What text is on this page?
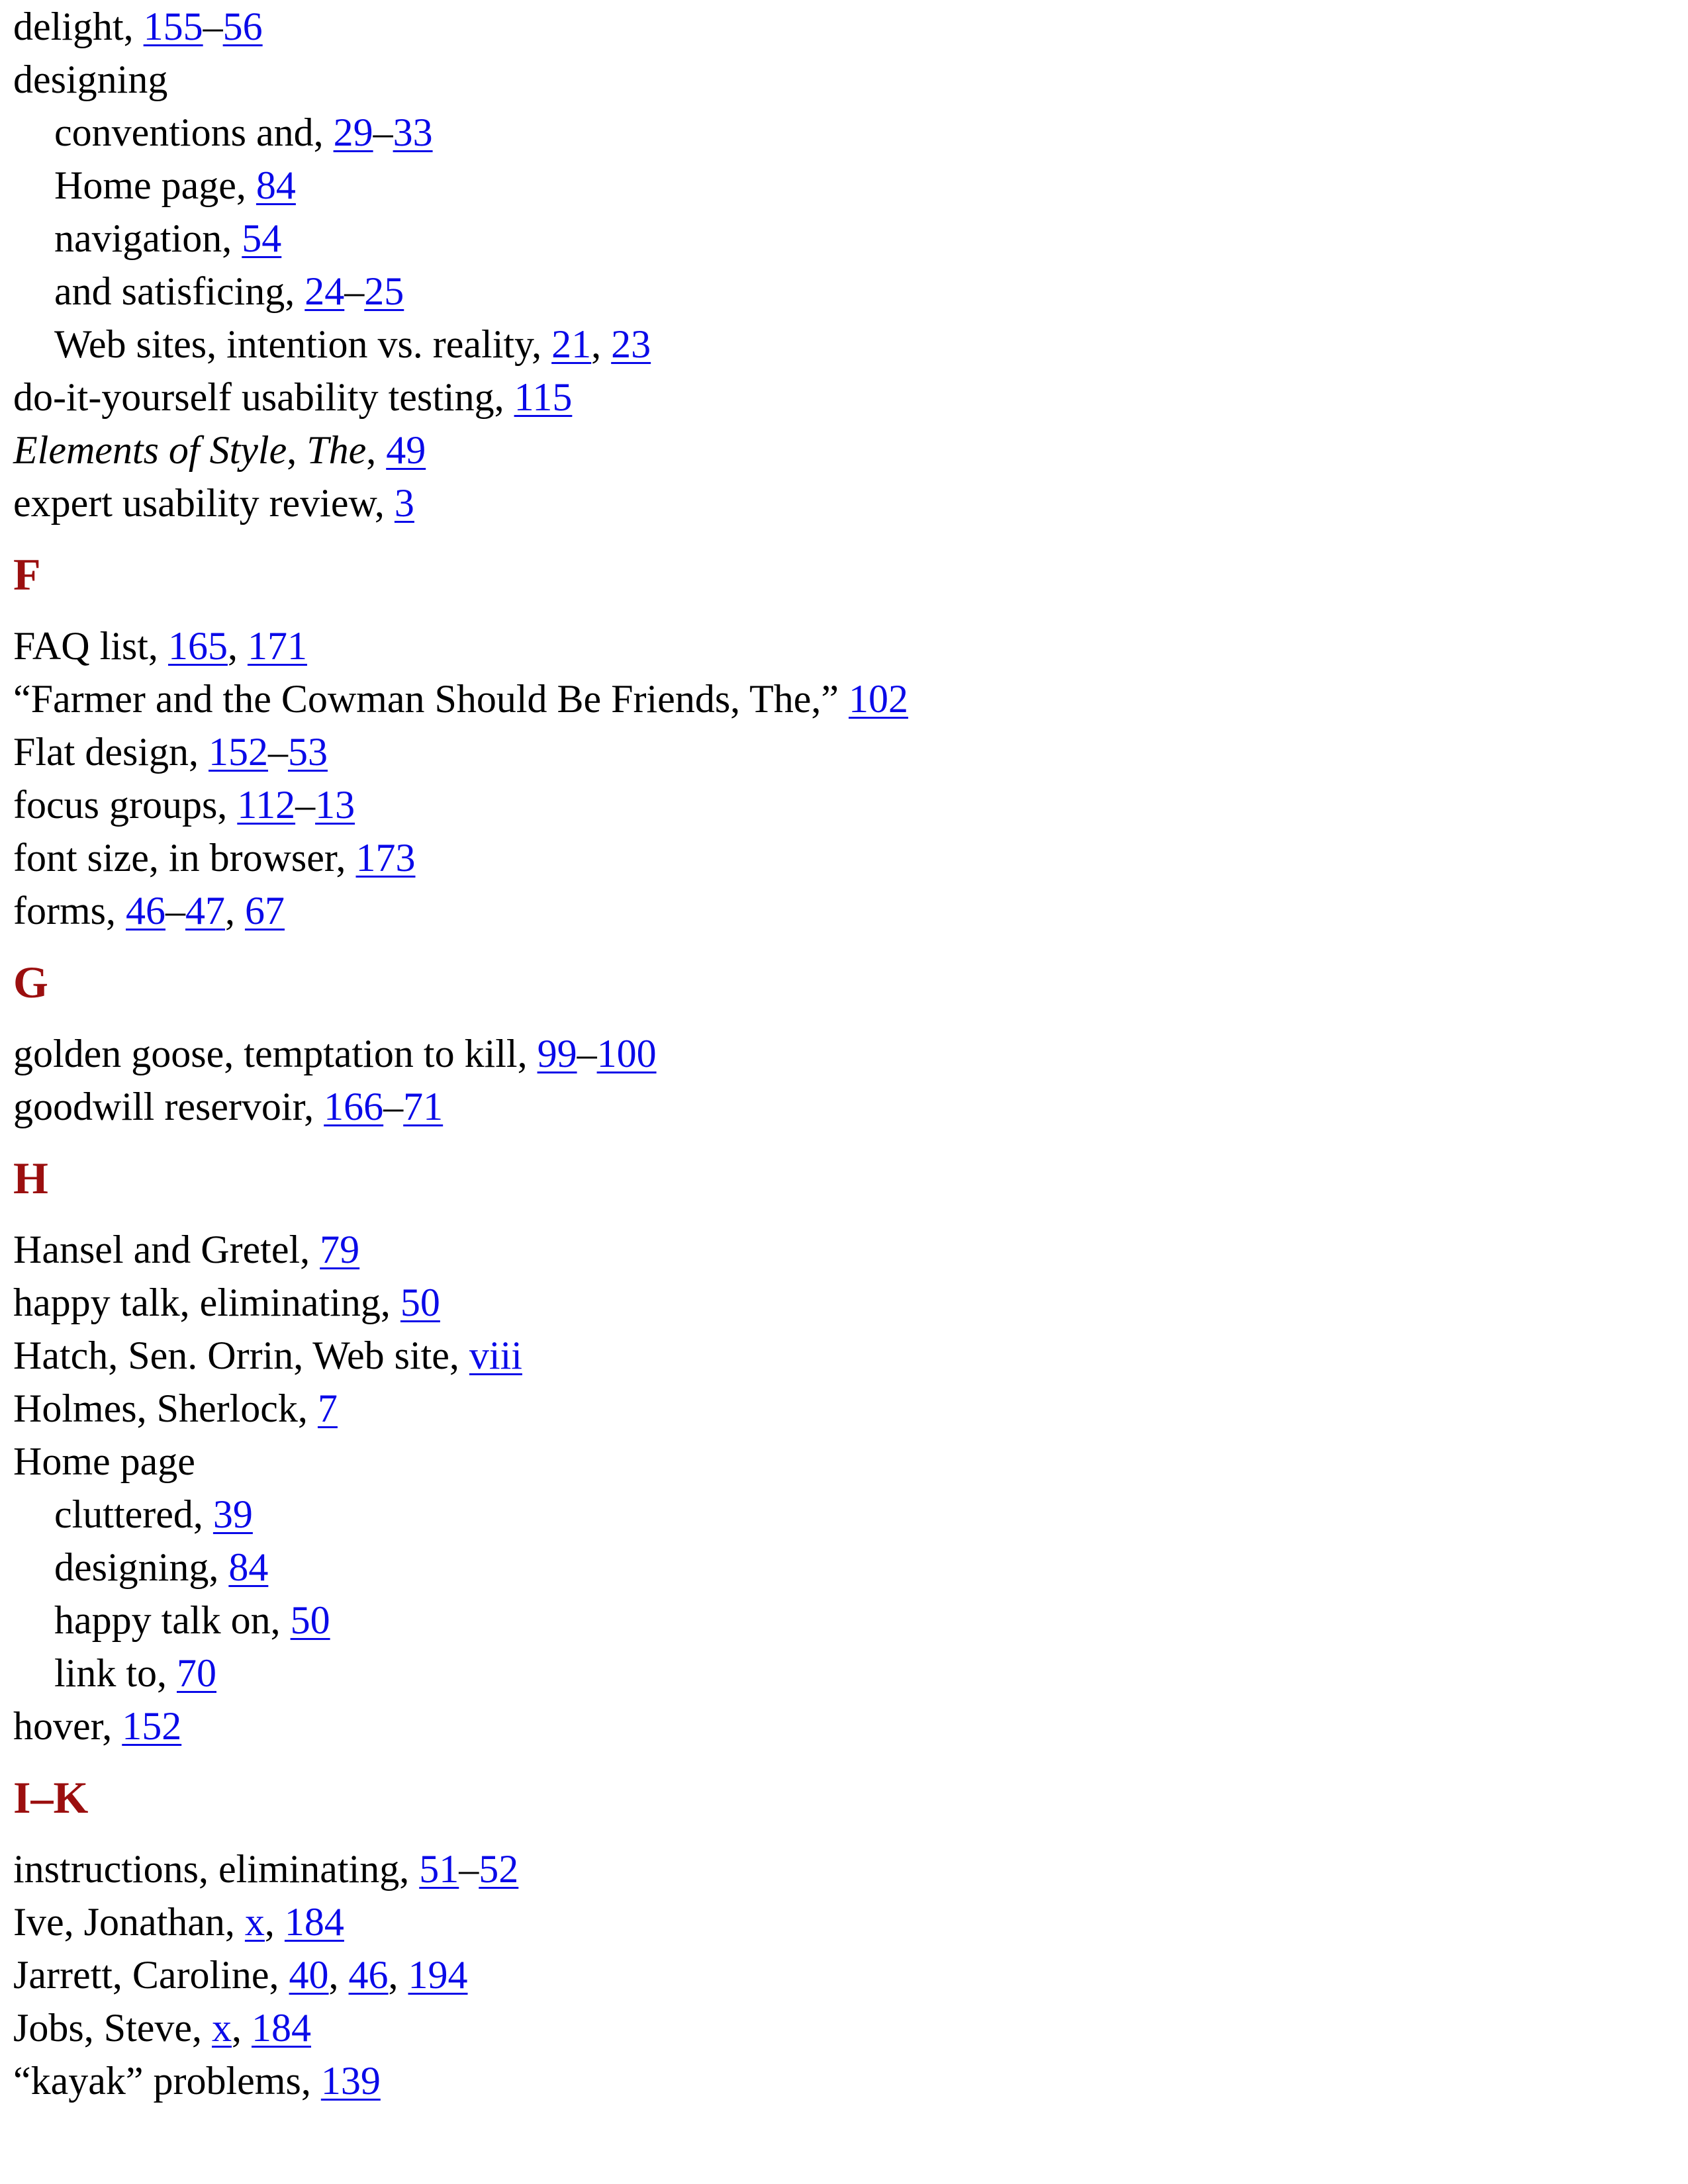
delight, 155–56
designing
conventions and, 29–33
Home page, 84
navigation, 54
and satisficing, 24–25
Web sites, intention vs. reality, 21, 23
do-it-yourself usability testing, 115
Elements of Style, The, 49
expert usability review, 3
F
FAQ list, 165, 171
“Farmer and the Cowman Should Be Friends, The,” 102
Flat design, 152–53
focus groups, 112–13
font size, in browser, 173
forms, 46–47, 67
G
golden goose, temptation to kill, 99–100
goodwill reservoir, 166–71
H
Hansel and Gretel, 79
happy talk, eliminating, 50
Hatch, Sen. Orrin, Web site, viii
Holmes, Sherlock, 7
Home page
cluttered, 39
designing, 84
happy talk on, 50
link to, 70
hover, 152
I–K
instructions, eliminating, 51–52
Ive, Jonathan, x, 184
Jarrett, Caroline, 40, 46, 194
Jobs, Steve, x, 184
“kayak” problems, 139
